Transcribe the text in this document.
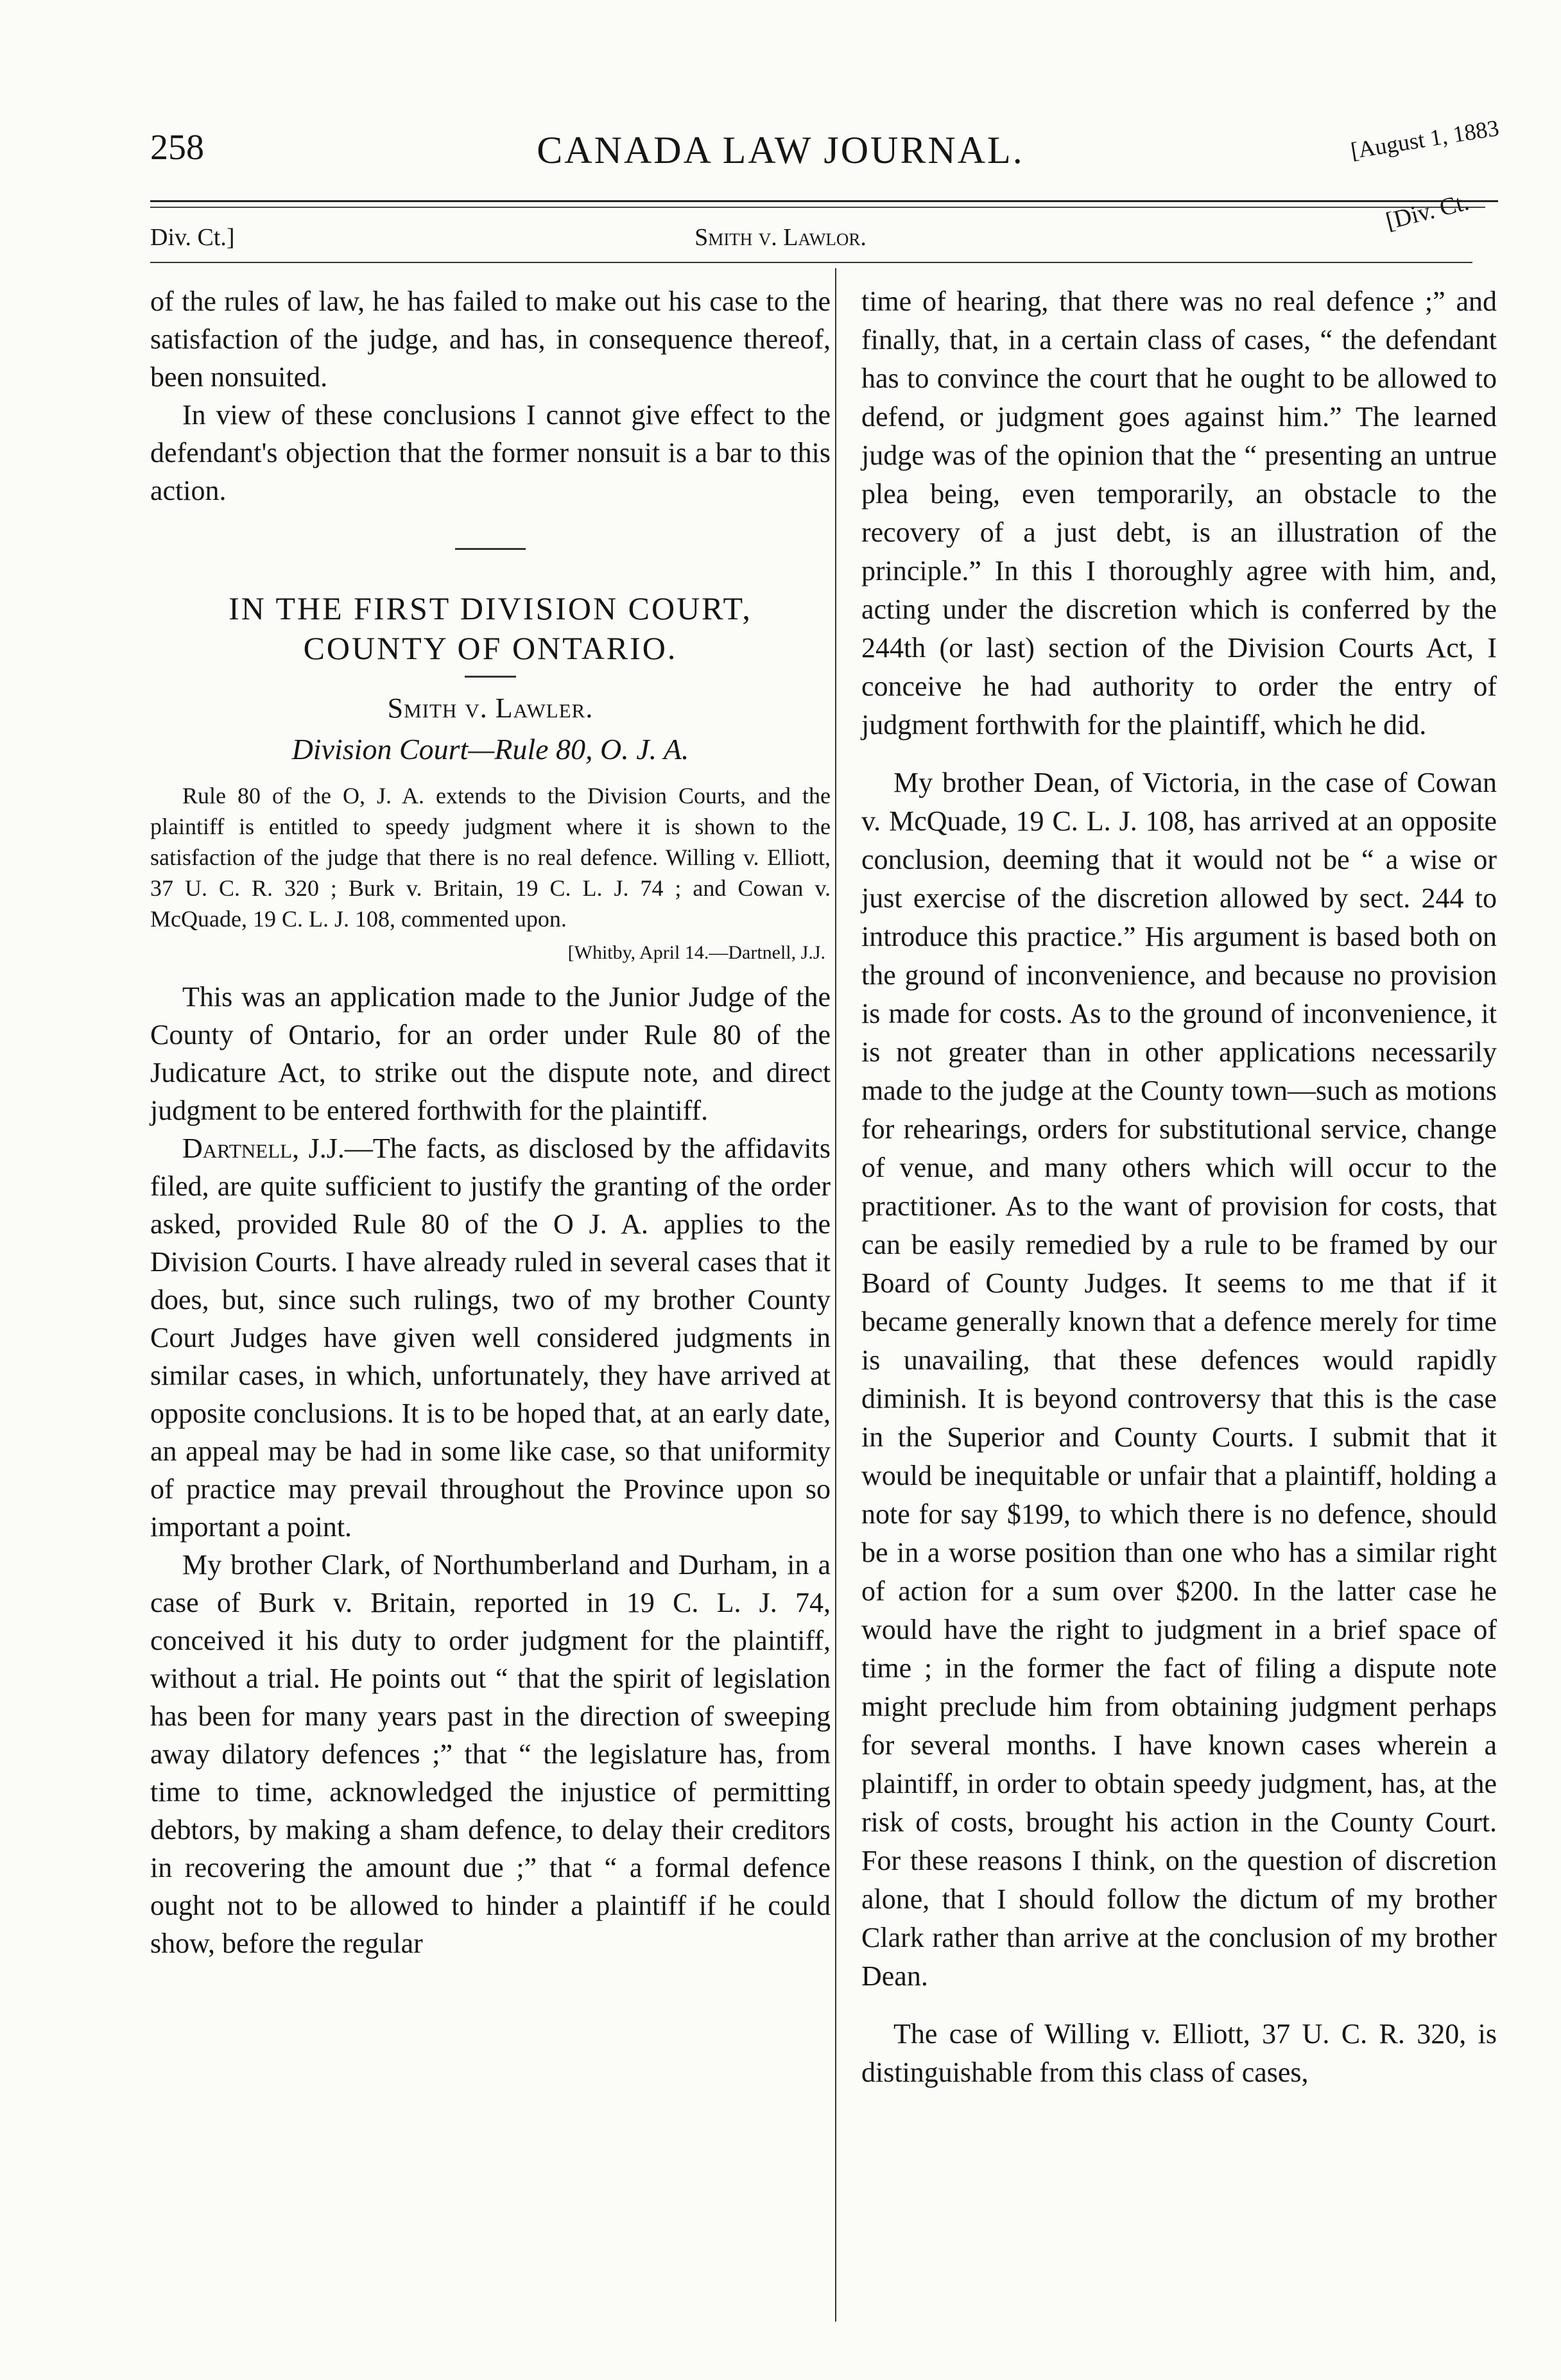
258	CANADA LAW JOURNAL.	[August 1, 1883
Div. Ct.]	Smith v. Lawlor.
[Div. Ct.

of the rules of law, he has failed to make out his case to the satisfaction of the judge, and has, in consequence thereof, been nonsuited.

In view of these conclusions I cannot give effect to the defendant's objection that the former nonsuit is a bar to this action.

IN THE FIRST DIVISION COURT,
COUNTY OF ONTARIO.
Smith v. Lawler.
Division Court—Rule 80, O. J. A.

Rule 80 of the O, J. A. extends to the Division Courts, and the plaintiff is entitled to speedy judgment where it is shown to the satisfaction of the judge that there is no real defence. Willing v. Elliott, 37 U. C. R. 320 ; Burk v. Britain, 19 C. L. J. 74 ; and Cowan v. McQuade, 19 C. L. J. 108, commented upon.

[Whitby, April 14.—Dartnell, J.J.

This was an application made to the Junior Judge of the County of Ontario, for an order under Rule 80 of the Judicature Act, to strike out the dispute note, and direct judgment to be entered forthwith for the plaintiff.

Dartnell, J.J.—The facts, as disclosed by the affidavits filed, are quite sufficient to justify the granting of the order asked, provided Rule 80 of the O J. A. applies to the Division Courts. I have already ruled in several cases that it does, but, since such rulings, two of my brother County Court Judges have given well considered judgments in similar cases, in which, unfortunately, they have arrived at opposite conclusions. It is to be hoped that, at an early date, an appeal may be had in some like case, so that uniformity of practice may prevail throughout the Province upon so important a point.

My brother Clark, of Northumberland and Durham, in a case of Burk v. Britain, reported in 19 C. L. J. 74, conceived it his duty to order judgment for the plaintiff, without a trial. He points out “ that the spirit of legislation has been for many years past in the direction of sweeping away dilatory defences ;” that “ the legislature has, from time to time, acknowledged the injustice of permitting debtors, by making a sham defence, to delay their creditors in recovering the amount due ;” that “ a formal defence ought not to be allowed to hinder a plaintiff if he could show, before the regular

time of hearing, that there was no real defence ;” and finally, that, in a certain class of cases, “ the defendant has to convince the court that he ought to be allowed to defend, or judgment goes against him.” The learned judge was of the opinion that the “ presenting an untrue plea being, even temporarily, an obstacle to the recovery of a just debt, is an illustration of the principle.” In this I thoroughly agree with him, and, acting under the discretion which is conferred by the 244th (or last) section of the Division Courts Act, I conceive he had authority to order the entry of judgment forthwith for the plaintiff, which he did.

My brother Dean, of Victoria, in the case of Cowan v. McQuade, 19 C. L. J. 108, has arrived at an opposite conclusion, deeming that it would not be “ a wise or just exercise of the discretion allowed by sect. 244 to introduce this practice.” His argument is based both on the ground of inconvenience, and because no provision is made for costs. As to the ground of inconvenience, it is not greater than in other applications necessarily made to the judge at the County town—such as motions for rehearings, orders for substitutional service, change of venue, and many others which will occur to the practitioner. As to the want of provision for costs, that can be easily remedied by a rule to be framed by our Board of County Judges. It seems to me that if it became generally known that a defence merely for time is unavailing, that these defences would rapidly diminish. It is beyond controversy that this is the case in the Superior and County Courts. I submit that it would be inequitable or unfair that a plaintiff, holding a note for say $199, to which there is no defence, should be in a worse position than one who has a similar right of action for a sum over $200. In the latter case he would have the right to judgment in a brief space of time ; in the former the fact of filing a dispute note might preclude him from obtaining judgment perhaps for several months. I have known cases wherein a plaintiff, in order to obtain speedy judgment, has, at the risk of costs, brought his action in the County Court. For these reasons I think, on the question of discretion alone, that I should follow the dictum of my brother Clark rather than arrive at the conclusion of my brother Dean.

The case of Willing v. Elliott, 37 U. C. R. 320, is distinguishable from this class of cases,
